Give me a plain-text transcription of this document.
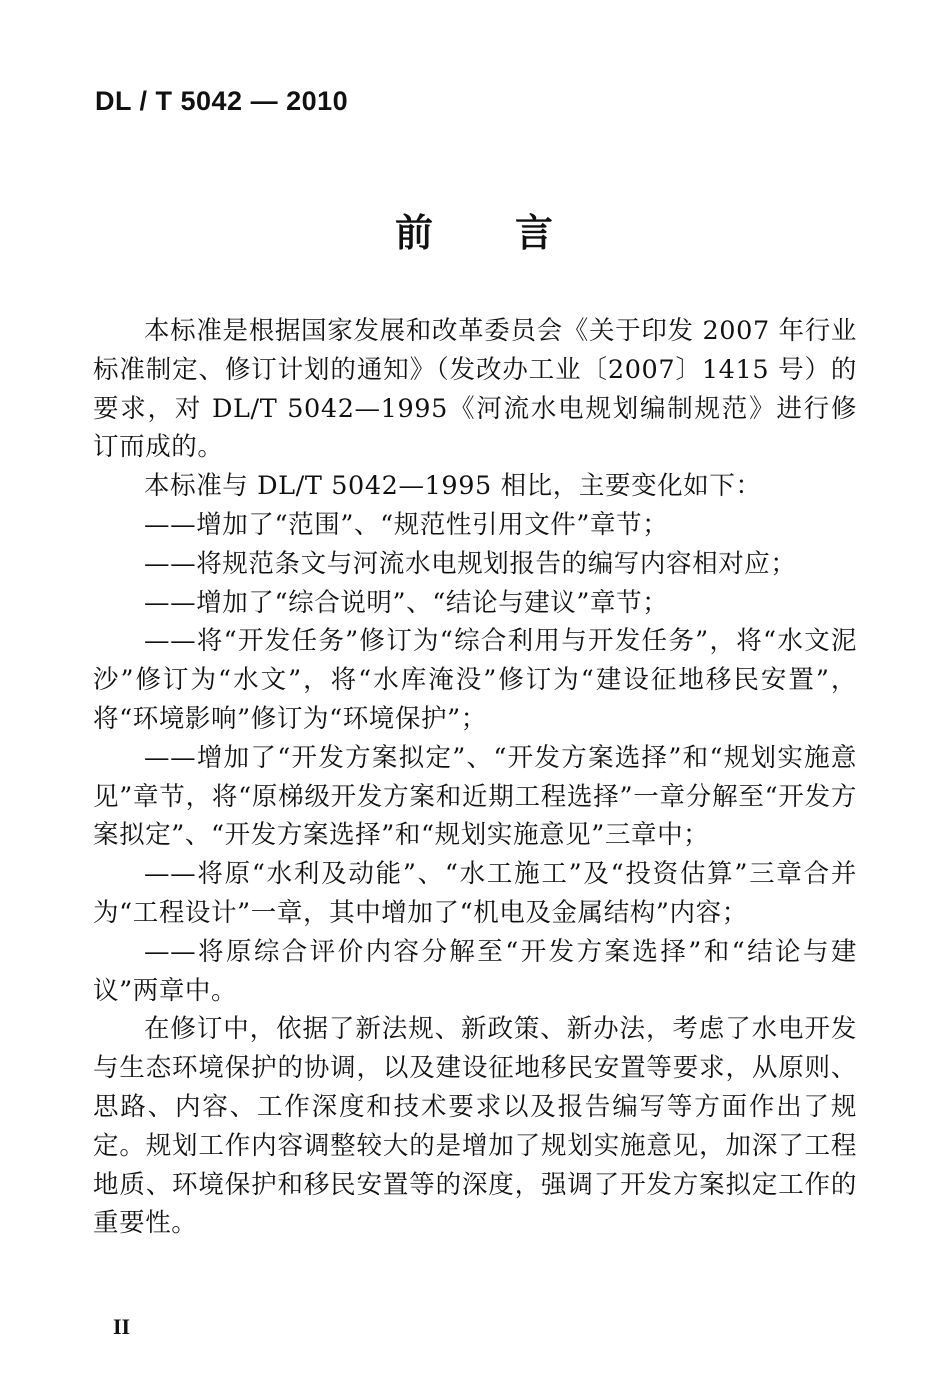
DL / T 5042 — 2010
前　　言

本标准是根据国家发展和改革委员会《关于印发 2007 年行业标准制定、修订计划的通知》（发改办工业〔2007〕1415 号）的要求，对 DL/T 5042—1995《河流水电规划编制规范》进行修订而成的。

本标准与 DL/T 5042—1995 相比，主要变化如下：

——增加了“范围”、“规范性引用文件”章节；

——将规范条文与河流水电规划报告的编写内容相对应；

——增加了“综合说明”、“结论与建议”章节；

——将“开发任务”修订为“综合利用与开发任务”，将“水文泥沙”修订为“水文”，将“水库淹没”修订为“建设征地移民安置”，将“环境影响”修订为“环境保护”；

——增加了“开发方案拟定”、“开发方案选择”和“规划实施意见”章节，将“原梯级开发方案和近期工程选择”一章分解至“开发方案拟定”、“开发方案选择”和“规划实施意见”三章中；

——将原“水利及动能”、“水工施工”及“投资估算”三章合并为“工程设计”一章，其中增加了“机电及金属结构”内容；

——将原综合评价内容分解至“开发方案选择”和“结论与建议”两章中。

在修订中，依据了新法规、新政策、新办法，考虑了水电开发与生态环境保护的协调，以及建设征地移民安置等要求，从原则、思路、内容、工作深度和技术要求以及报告编写等方面作出了规定。规划工作内容调整较大的是增加了规划实施意见，加深了工程地质、环境保护和移民安置等的深度，强调了开发方案拟定工作的重要性。

II
